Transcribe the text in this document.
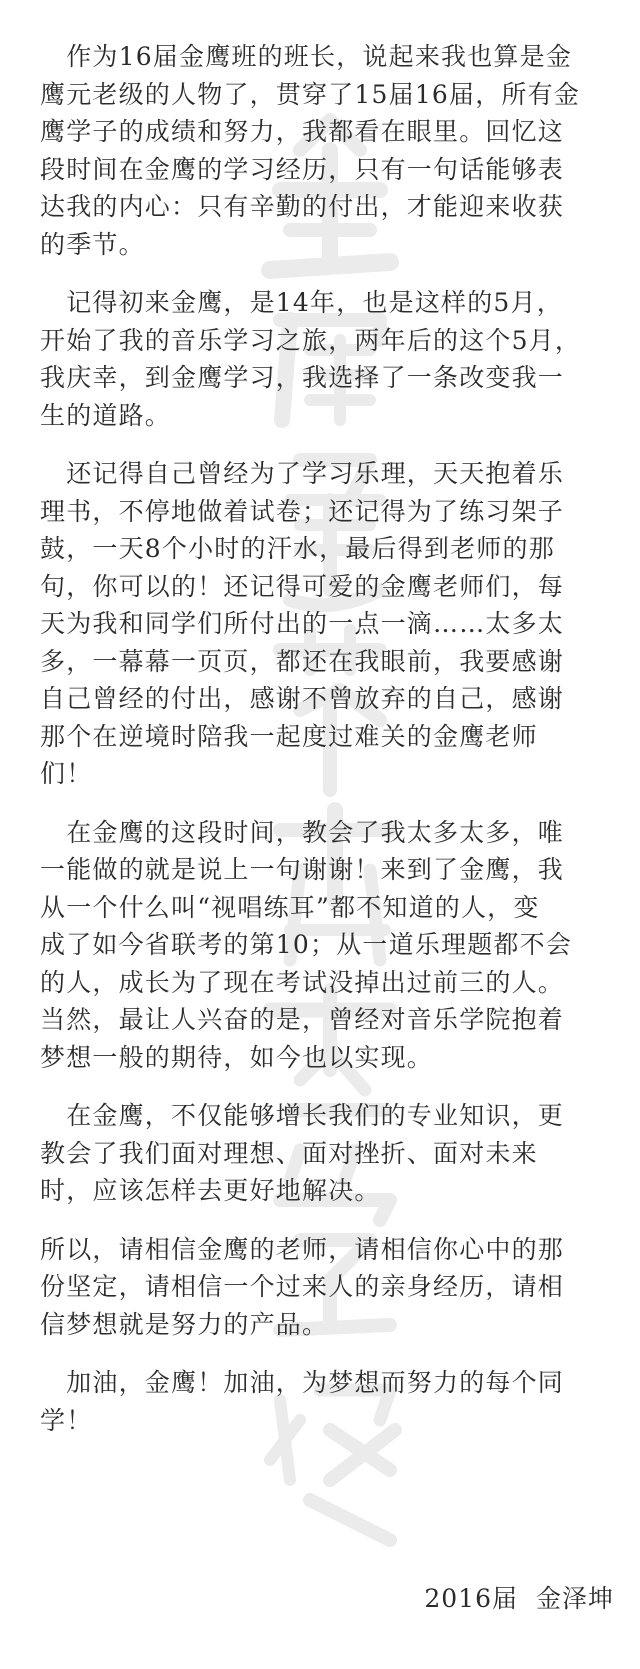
　作为16届金鹰班的班长，说起来我也算是金
鹰元老级的人物了，贯穿了15届16届，所有金
鹰学子的成绩和努力，我都看在眼里。回忆这
段时间在金鹰的学习经历，只有一句话能够表
达我的内心：只有辛勤的付出，才能迎来收获
的季节。

　记得初来金鹰，是14年，也是这样的5月，
开始了我的音乐学习之旅，两年后的这个5月，
我庆幸，到金鹰学习，我选择了一条改变我一
生的道路。

　还记得自己曾经为了学习乐理，天天抱着乐
理书，不停地做着试卷；还记得为了练习架子
鼓，一天8个小时的汗水，最后得到老师的那
句，你可以的！还记得可爱的金鹰老师们，每
天为我和同学们所付出的一点一滴……太多太
多，一幕幕一页页，都还在我眼前，我要感谢
自己曾经的付出，感谢不曾放弃的自己，感谢
那个在逆境时陪我一起度过难关的金鹰老师
们！

　在金鹰的这段时间，教会了我太多太多，唯
一能做的就是说上一句谢谢！来到了金鹰，我
从一个什么叫“视唱练耳”都不知道的人，变
成了如今省联考的第10；从一道乐理题都不会
的人，成长为了现在考试没掉出过前三的人。
当然，最让人兴奋的是，曾经对音乐学院抱着
梦想一般的期待，如今也以实现。

　在金鹰，不仅能够增长我们的专业知识，更
教会了我们面对理想、面对挫折、面对未来
时，应该怎样去更好地解决。

所以，请相信金鹰的老师，请相信你心中的那
份坚定，请相信一个过来人的亲身经历，请相
信梦想就是努力的产品。

　加油，金鹰！加油，为梦想而努力的每个同
学！

2016届 金泽坤
